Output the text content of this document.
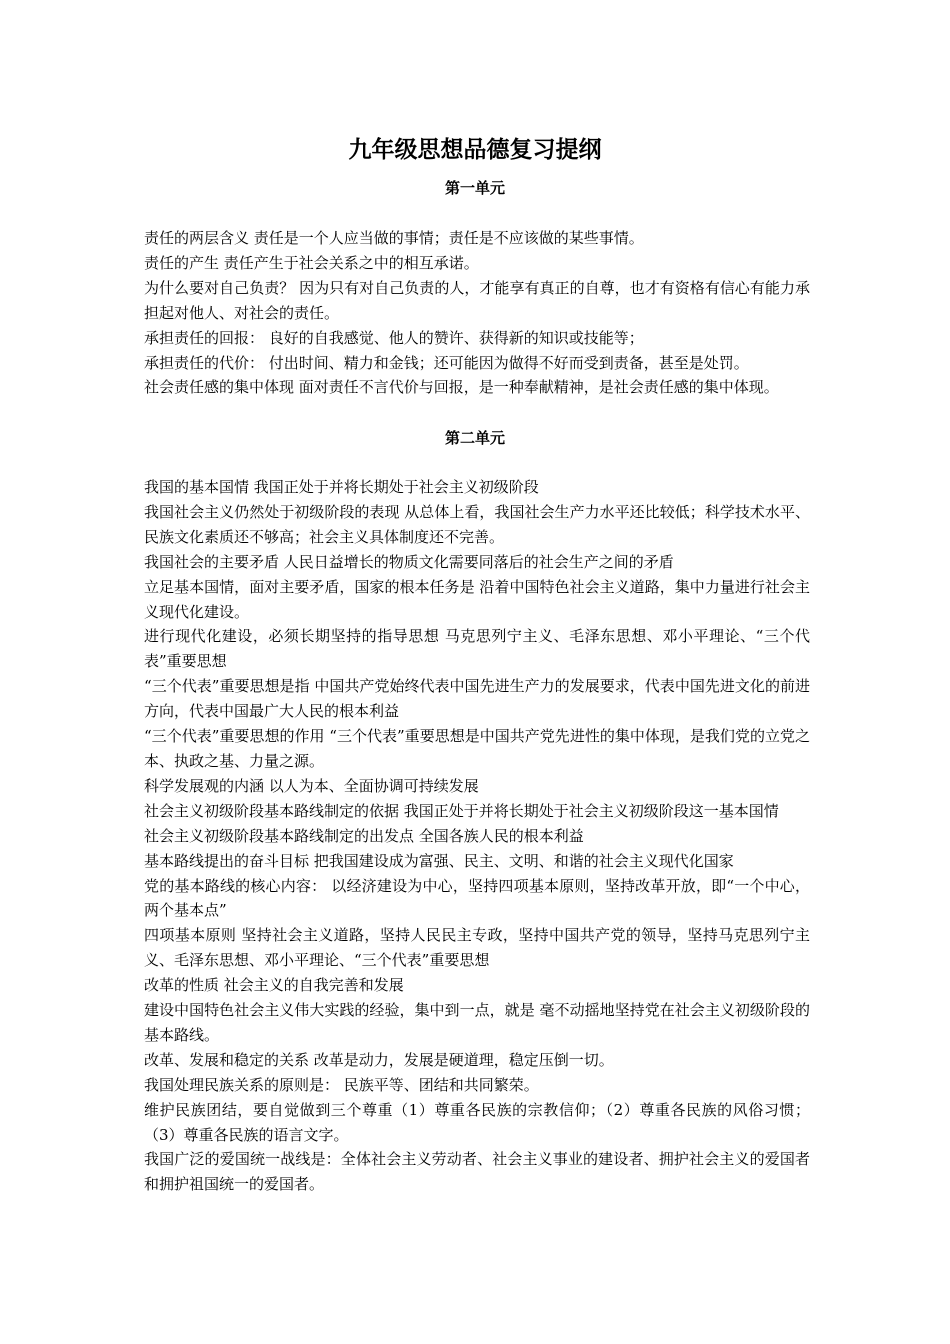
九年级思想品德复习提纲
第一单元

责任的两层含义 责任是一个人应当做的事情；责任是不应该做的某些事情。

责任的产生 责任产生于社会关系之中的相互承诺。

为什么要对自己负责？ 因为只有对自己负责的人，才能享有真正的自尊，也才有资格有信心有能力承担起对他人、对社会的责任。

承担责任的回报： 良好的自我感觉、他人的赞许、获得新的知识或技能等；

承担责任的代价： 付出时间、精力和金钱；还可能因为做得不好而受到责备，甚至是处罚。

社会责任感的集中体现 面对责任不言代价与回报，是一种奉献精神，是社会责任感的集中体现。

第二单元

我国的基本国情 我国正处于并将长期处于社会主义初级阶段

我国社会主义仍然处于初级阶段的表现 从总体上看，我国社会生产力水平还比较低；科学技术水平、民族文化素质还不够高；社会主义具体制度还不完善。

我国社会的主要矛盾 人民日益增长的物质文化需要同落后的社会生产之间的矛盾

立足基本国情，面对主要矛盾，国家的根本任务是 沿着中国特色社会主义道路，集中力量进行社会主义现代化建设。

进行现代化建设，必须长期坚持的指导思想 马克思列宁主义、毛泽东思想、邓小平理论、“三个代表”重要思想

“三个代表”重要思想是指 中国共产党始终代表中国先进生产力的发展要求，代表中国先进文化的前进方向，代表中国最广大人民的根本利益

“三个代表”重要思想的作用 “三个代表”重要思想是中国共产党先进性的集中体现，是我们党的立党之本、执政之基、力量之源。

科学发展观的内涵 以人为本、全面协调可持续发展

社会主义初级阶段基本路线制定的依据 我国正处于并将长期处于社会主义初级阶段这一基本国情

社会主义初级阶段基本路线制定的出发点 全国各族人民的根本利益

基本路线提出的奋斗目标 把我国建设成为富强、民主、文明、和谐的社会主义现代化国家

党的基本路线的核心内容： 以经济建设为中心，坚持四项基本原则，坚持改革开放，即“一个中心，两个基本点”

四项基本原则 坚持社会主义道路，坚持人民民主专政，坚持中国共产党的领导，坚持马克思列宁主义、毛泽东思想、邓小平理论、“三个代表”重要思想

改革的性质 社会主义的自我完善和发展

建设中国特色社会主义伟大实践的经验，集中到一点，就是 毫不动摇地坚持党在社会主义初级阶段的基本路线。

改革、发展和稳定的关系 改革是动力，发展是硬道理，稳定压倒一切。

我国处理民族关系的原则是： 民族平等、团结和共同繁荣。

维护民族团结，要自觉做到三个尊重（1）尊重各民族的宗教信仰；（2）尊重各民族的风俗习惯；（3）尊重各民族的语言文字。

我国广泛的爱国统一战线是：全体社会主义劳动者、社会主义事业的建设者、拥护社会主义的爱国者和拥护祖国统一的爱国者。
